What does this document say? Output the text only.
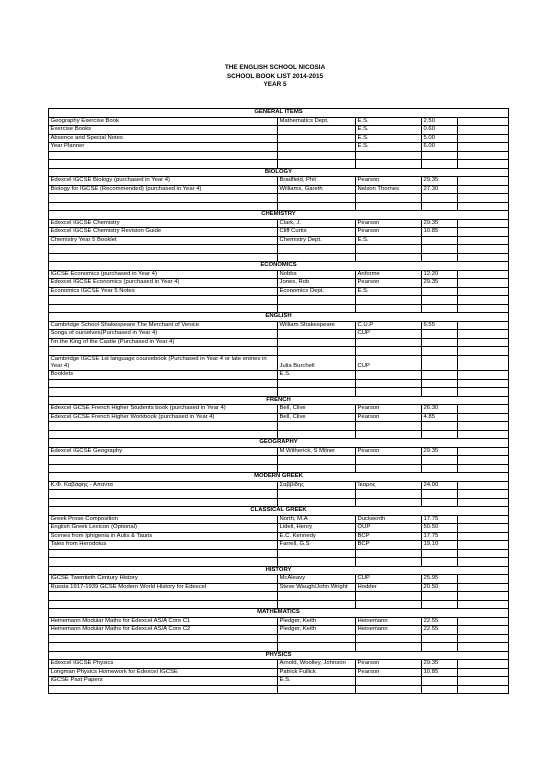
THE ENGLISH SCHOOL NICOSIA
SCHOOL BOOK LIST 2014-2015
YEAR 5
GENERAL ITEMS				
Geography Exercise Book	Mathematics Dept.	E.S.	2.50	
Exercise Books		E.S.	0.60	
Absence and Special Notes		E.S.	5.00	
Year Planner		E.S.	6.00	

BIOLOGY				
Edexcel IGCSE Biology (purchased in Year 4)	Bradfield, Phil	Pearson	29.35	
Biology for IGCSE (Recommended) (purchased in Year 4)	Williams, Gareth	Nelson Thornes	27.30	

CHEMISTRY				
Edexcel IGCSE Chemistry	Clark, J.	Pearson	29.35	
Edexcel IGCSE Chemistry Revision Guide	Cliff Curtis	Pearson	10.85	
Chemistry Year 5 Booklet	Chemistry Dept.	E.S.		

ECONOMICS				
IGCSE Economics (purchased in Year 4)	Nobbs	Anforme	12.20	
Edexcel IGCSE Economics (purchased in Year 4)	Jones, Rob	Pearson	29.35	
Economics IGCSE Year 5 Notes	Economics Dept.	E.S.		

ENGLISH				
Cambridge School Shakespeare The Merchant of Venice	William Shakespeare	C.U.P	6.55	
Songs of ourselves(Purchased in Year 4)		CUP		
I'm the King of the Castle (Purchased in Year 4)				

Cambridge IGCSE 1st language coursebook (Purchased in Year 4 or late entries in Year 4)	Julia Burchell	CUP		
Booklets	E.S.			

FRENCH				
Edexcel GCSE French Higher Students book (purchased in Year 4)	Bell, Clive	Pearson	26.30	
Edexcel GCSE French Higher Workbook (purchased in Year 4)	Bell, Clive	Pearson	4.85	

GEOGRAPHY				
Edexcel IGCSE Geography	M Witherick, S Milner	Pearson	29.35	

MODERN GREEK				
Κ.Φ. Καβάφης - Απαντα	Σαββίδης	Ίκαρος	24.00	

CLASSICAL GREEK				
Greek Prose Composition	North, M.A	Duckworth	17.75	
English Greek Lexicon (Optional)	Lidell, Henry	OUP	50.50	
Scenes from Iphigenia in Aulis & Tauris	E.C. Kennedy	BCP	17.75	
Tales from Herodotus	Farrell, G.S	BCP	19.10	

HISTORY				
IGCSE Twentieth Century History	McAleavy	CUP	25.95	
Russia 1917-1939 GCSE Modern World History for Edexcel	Steve Waugh/John Wright	Hodder	20.50	

MATHEMATICS				
Heinemann Modular Maths for Edexcel AS/A Core C1	Pledger, Keith	Heinemann	22.55	
Heinemann Modular Maths for Edexcel AS/A Core C2	Pledger, Keith	Heinemann	22.55	

PHYSICS				
Edexcel IGCSE Physics	Arnold, Woolley, Johnson	Pearson	29.35	
Longman Physics Homework for Edexcel IGCSE	Patrick Fullick	Pearson	10.85	
IGCSE Past Papers	E.S.			
